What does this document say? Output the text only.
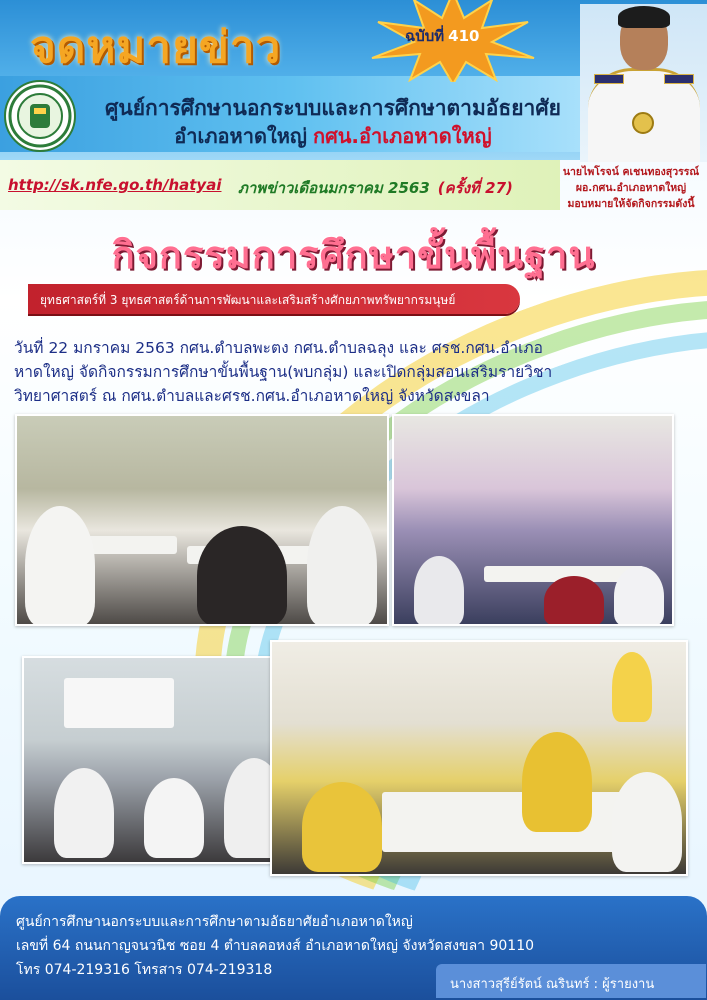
จดหมายข่าว	ฉบับที่ 410
ศูนย์การศึกษานอกระบบและการศึกษาตามอัธยาศัย
อำเภอหาดใหญ่ กศน.อำเภอหาดใหญ่
http://sk.nfe.go.th/hatyai ภาพข่าวเดือนมกราคม 2563 (ครั้งที่ 27)
นายไพโรจน์ คเชนทองสุวรรณ์
ผอ.กศน.อำเภอหาดใหญ่
มอบหมายให้จัดกิจกรรมดังนี้
กิจกรรมการศึกษาขั้นพื้นฐาน
ยุทธศาสตร์ที่ 3 ยุทธศาสตร์ด้านการพัฒนาและเสริมสร้างศักยภาพทรัพยากรมนุษย์
วันที่ 22 มกราคม 2563 กศน.ตำบลพะตง กศน.ตำบลฉลุง และ ศรช.กศน.อำเภอ
หาดใหญ่ จัดกิจกรรมการศึกษาขั้นพื้นฐาน(พบกลุ่ม) และเปิดกลุ่มสอนเสริมรายวิชา
วิทยาศาสตร์ ณ กศน.ตำบลและศรช.กศน.อำเภอหาดใหญ่ จังหวัดสงขลา
ศูนย์การศึกษานอกระบบและการศึกษาตามอัธยาศัยอำเภอหาดใหญ่
เลขที่ 64 ถนนกาญจนวนิช ซอย 4 ตำบลคอหงส์ อำเภอหาดใหญ่ จังหวัดสงขลา 90110
โทร 074-219316 โทรสาร 074-219318
นางสาวสุรีย์รัตน์ ณรินทร์ : ผู้รายงาน
